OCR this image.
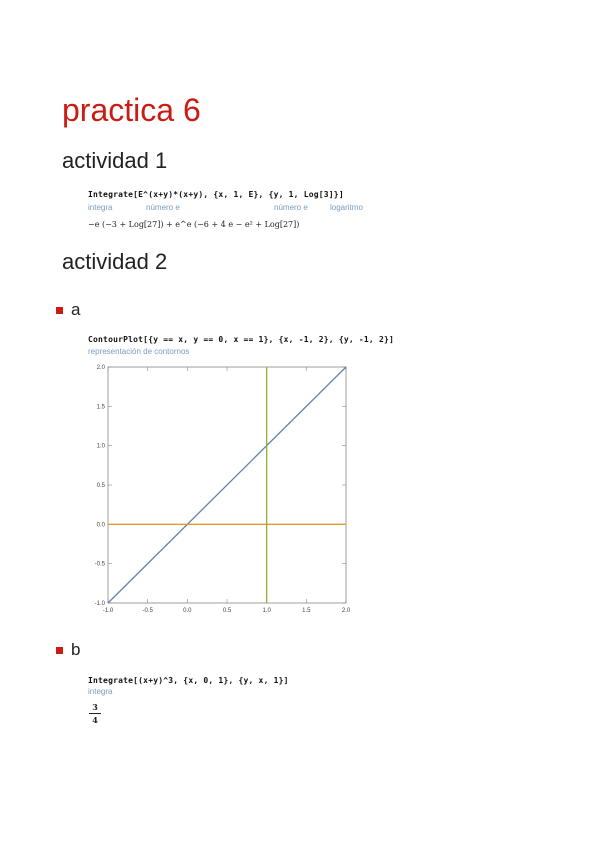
practica 6
actividad 1
Integrate[E^(x+y)*(x+y), {x, 1, E}, {y, 1, Log[3]}]
integra	número e	número e	logaritmo
−e (−3 + Log[27]) + e^e (−6 + 4 e − e² + Log[27])
actividad 2
a
ContourPlot[{y == x, y == 0, x == 1}, {x, -1, 2}, {y, -1, 2}]
representación de contornos
-1.0	-0.5	0.0	0.5	1.0	1.5	2.0
-1.0
-0.5
0.0
0.5
1.0
1.5
2.0
b
Integrate[(x+y)^3, {x, 0, 1}, {y, x, 1}]
integra
3
4
